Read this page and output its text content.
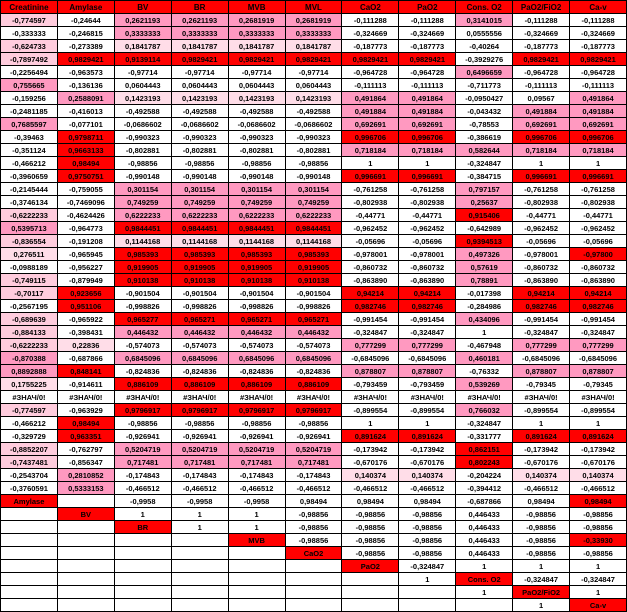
Creatinine	Amylase	BV	BR	MVB	MVL	CaO2	PaO2	Cons. O2	PaO2/FiO2	Ca-v
-0,774597	-0,24644	0,2621193	0,2621193	0,2681919	0,2681919	-0,111288	-0,111288	0,3141015	-0,111288	-0,111288
-0,333333	-0,246815	0,3333333	0,3333333	0,3333333	0,3333333	-0,324669	-0,324669	0,0555556	-0,324669	-0,324669
-0,624733	-0,273389	0,1841787	0,1841787	0,1841787	0,1841787	-0,187773	-0,187773	-0,40264	-0,187773	-0,187773
-0,7897492	0,9829421	0,9139114	0,9829421	0,9829421	0,9829421	0,9829421	0,9829421	-0,3929276	0,9829421	0,9829421
-0,2256494	-0,963573	-0,97714	-0,97714	-0,97714	-0,97714	-0,964728	-0,964728	0,6496659	-0,964728	-0,964728
0,755665	-0,136136	0,0604443	0,0604443	0,0604443	0,0604443	-0,111113	-0,111113	-0,711773	-0,111113	-0,111113
-0,159256	0,2588091	0,1423193	0,1423193	0,1423193	0,1423193	0,491864	0,491864	-0,0950427	0,09567	0,491864
-0,2481185	-0,416013	-0,492588	-0,492588	-0,492588	-0,492588	0,491884	0,491884	-0,043432	0,491884	0,491884
0,7685597	-0,077101	-0,0686602	-0,0686602	-0,0686602	-0,0686602	0,692691	0,692691	-0,78553	0,692691	0,692691
-0,39463	0,9798711	-0,990323	-0,990323	-0,990323	-0,990323	0,996706	0,996706	-0,386619	0,996706	0,996706
-0,351124	0,9663133	-0,802881	-0,802881	-0,802881	-0,802881	0,718184	0,718184	0,582644	0,718184	0,718184
-0,466212	0,98494	-0,98856	-0,98856	-0,98856	-0,98856	1	1	-0,324847	1	1
-0,3960659	0,9750751	-0,990148	-0,990148	-0,990148	-0,990148	0,996691	0,996691	-0,384715	0,996691	0,996691
-0,2145444	-0,759055	0,301154	0,301154	0,301154	0,301154	-0,761258	-0,761258	0,797157	-0,761258	-0,761258
-0,3746134	-0,7469096	0,749259	0,749259	0,749259	0,749259	-0,802938	-0,802938	0,25637	-0,802938	-0,802938
-0,6222233	-0,4624426	0,6222233	0,6222233	0,6222233	0,6222233	-0,44771	-0,44771	0,915406	-0,44771	-0,44771
0,5395713	-0,964773	0,9844451	0,9844451	0,9844451	0,9844451	-0,962452	-0,962452	-0,642989	-0,962452	-0,962452
-0,836554	-0,191208	0,1144168	0,1144168	0,1144168	0,1144168	-0,05696	-0,05696	0,9394513	-0,05696	-0,05696
0,276511	-0,965945	0,985393	0,985393	0,985393	0,985393	-0,978001	-0,978001	0,497326	-0,978001	-0,97800
-0,0988189	-0,956227	0,919905	0,919905	0,919905	0,919905	-0,860732	-0,860732	0,57619	-0,860732	-0,860732
-0,749115	-0,879949	0,910138	0,910138	0,910138	0,910138	-0,863890	-0,863890	0,78891	-0,863890	-0,863890
-0,70117	0,923656	-0,901504	-0,901504	-0,901504	-0,901504	0,94214	0,94214	-0,017398	0,94214	0,94214
-0,2567195	0,951106	-0,998826	-0,998826	-0,998826	-0,998826	0,982746	0,982746	-0,284986	0,982746	0,982746
-0,689639	-0,965922	0,965277	0,965271	0,965271	0,965271	-0,991454	-0,991454	0,434096	-0,991454	-0,991454
-0,884133	-0,398431	0,446432	0,446432	0,446432	0,446432	-0,324847	-0,324847	1	-0,324847	-0,324847
-0,6222233	0,22836	-0,574073	-0,574073	-0,574073	-0,574073	0,777299	0,777299	-0,467948	0,777299	0,777299
-0,870388	-0,687866	0,6845096	0,6845096	0,6845096	0,6845096	-0,6845096	-0,6845096	0,460181	-0,6845096	-0,6845096
0,8892888	0,848141	-0,824836	-0,824836	-0,824836	-0,824836	0,878807	0,878807	-0,76332	0,878807	0,878807
0,1755225	-0,914611	0,886109	0,886109	0,886109	0,886109	-0,793459	-0,793459	0,539269	-0,79345	-0,79345
#ЗНАЧ/0!	#ЗНАЧ/0!	#ЗНАЧ/0!	#ЗНАЧ/0!	#ЗНАЧ/0!	#ЗНАЧ/0!	#ЗНАЧ/0!	#ЗНАЧ/0!	#ЗНАЧ/0!	#ЗНАЧ/0!	#ЗНАЧ/0!
-0,774597	-0,963929	0,9796917	0,9796917	0,9796917	0,9796917	-0,899554	-0,899554	0,766032	-0,899554	-0,899554
-0,466212	0,98494	-0,98856	-0,98856	-0,98856	-0,98856	1	1	-0,324847	1	1
-0,329729	0,963351	-0,926941	-0,926941	-0,926941	-0,926941	0,891624	0,891624	-0,331777	0,891624	0,891624
-0,8852207	-0,762797	0,5204719	0,5204719	0,5204719	0,5204719	-0,173942	-0,173942	0,862151	-0,173942	-0,173942
-0,7437481	-0,856347	0,717481	0,717481	0,717481	0,717481	-0,670176	-0,670176	0,802243	-0,670176	-0,670176
-0,2543704	0,2810852	-0,174843	-0,174843	-0,174843	-0,174843	0,140374	0,140374	-0,204224	0,140374	0,140374
-0,3760591	0,5333153	-0,466512	-0,466512	-0,466512	-0,466512	-0,466512	-0,466512	-0,394412	-0,466512	-0,466512
Amylase		-0,9958	-0,9958	-0,9958	0,98494	0,98494	0,98494	-0,687866	0,98494	0,98494
	BV	1	1	1	-0,98856	-0,98856	-0,98856	0,446433	-0,98856	-0,98856
		BR	1	1	-0,98856	-0,98856	-0,98856	0,446433	-0,98856	-0,98856
				MVB	-0,98856	-0,98856	-0,98856	0,446433	-0,98856	-0,33930
					CaO2	-0,98856	-0,98856	0,446433	-0,98856	-0,98856
						PaO2	-0,324847	1	1	1
							1	Сons. O2	-0,324847	-0,324847
								1	PaO2/FiO2	1
									1	Ca-v
